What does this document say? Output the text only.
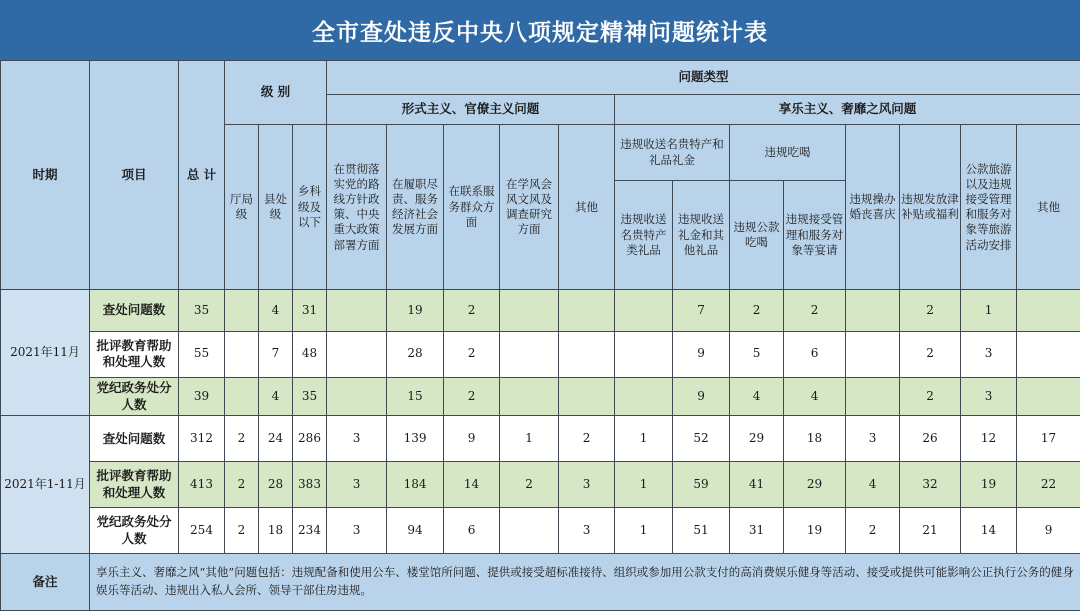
全市查处违反中央八项规定精神问题统计表
时期	项目	总 计	级 别			问题类型												
						形式主义、官僚主义问题					享乐主义、奢靡之风问题							
			厅局级	县处级	乡科级及以下	在贯彻落实党的路线方针政策、中央重大政策部署方面	在履职尽责、服务经济社会发展方面	在联系服务群众方面	在学风会风文风及调查研究方面	其他	违规收送名贵特产和礼品礼金		违规吃喝		违规操办婚丧喜庆	违规发放津补贴或福利	公款旅游以及违规接受管理和服务对象等旅游活动安排	其他
											违规收送名贵特产类礼品	违规收送礼金和其他礼品	违规公款吃喝	违规接受管理和服务对象等宴请				
2021年11月	查处问题数	35		4	31		19	2				7	2	2		2	1	
	批评教育帮助和处理人数	55		7	48		28	2				9	5	6		2	3	
	党纪政务处分人数	39		4	35		15	2				9	4	4		2	3	
2021年1-11月	查处问题数	312	2	24	286	3	139	9	1	2	1	52	29	18	3	26	12	17
	批评教育帮助和处理人数	413	2	28	383	3	184	14	2	3	1	59	41	29	4	32	19	22
	党纪政务处分人数	254	2	18	234	3	94	6		3	1	51	31	19	2	21	14	9
备注	享乐主义、奢靡之风“其他”问题包括：违规配备和使用公车、楼堂馆所问题、提供或接受超标准接待、组织或参加用公款支付的高消费娱乐健身等活动、接受或提供可能影响公正执行公务的健身娱乐等活动、违规出入私人会所、领导干部住房违规。																	
